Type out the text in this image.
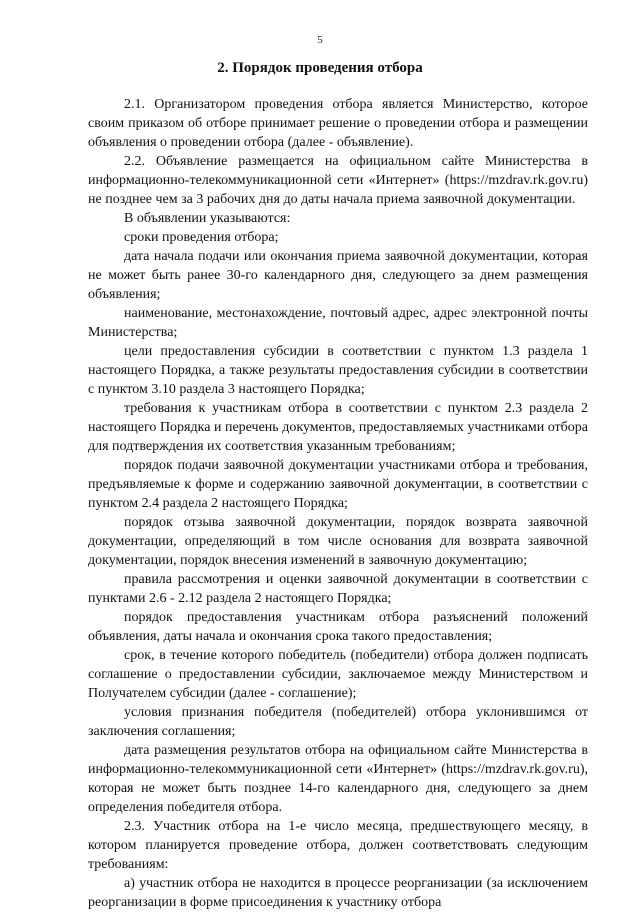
5
2. Порядок проведения отбора

2.1. Организатором проведения отбора является Министерство, которое своим приказом об отборе принимает решение о проведении отбора и размещении объявления о проведении отбора (далее - объявление).

2.2. Объявление размещается на официальном сайте Министерства в информационно-телекоммуникационной сети «Интернет» (https://mzdrav.rk.gov.ru) не позднее чем за 3 рабочих дня до даты начала приема заявочной документации.

В объявлении указываются:

сроки проведения отбора;

дата начала подачи или окончания приема заявочной документации, которая не может быть ранее 30-го календарного дня, следующего за днем размещения объявления;

наименование, местонахождение, почтовый адрес, адрес электронной почты Министерства;

цели предоставления субсидии в соответствии с пунктом 1.3 раздела 1 настоящего Порядка, а также результаты предоставления субсидии в соответствии с пунктом 3.10 раздела 3 настоящего Порядка;

требования к участникам отбора в соответствии с пунктом 2.3 раздела 2 настоящего Порядка и перечень документов, предоставляемых участниками отбора для подтверждения их соответствия указанным требованиям;

порядок подачи заявочной документации участниками отбора и требования, предъявляемые к форме и содержанию заявочной документации, в соответствии с пунктом 2.4 раздела 2 настоящего Порядка;

порядок отзыва заявочной документации, порядок возврата заявочной документации, определяющий в том числе основания для возврата заявочной документации, порядок внесения изменений в заявочную документацию;

правила рассмотрения и оценки заявочной документации в соответствии с пунктами 2.6 - 2.12 раздела 2 настоящего Порядка;

порядок предоставления участникам отбора разъяснений положений объявления, даты начала и окончания срока такого предоставления;

срок, в течение которого победитель (победители) отбора должен подписать соглашение о предоставлении субсидии, заключаемое между Министерством и Получателем субсидии (далее - соглашение);

условия признания победителя (победителей) отбора уклонившимся от заключения соглашения;

дата размещения результатов отбора на официальном сайте Министерства в информационно-телекоммуникационной сети «Интернет» (https://mzdrav.rk.gov.ru), которая не может быть позднее 14-го календарного дня, следующего за днем определения победителя отбора.

2.3. Участник отбора на 1-е число месяца, предшествующего месяцу, в котором планируется проведение отбора, должен соответствовать следующим требованиям:

а) участник отбора не находится в процессе реорганизации (за исключением реорганизации в форме присоединения к участнику отбора
